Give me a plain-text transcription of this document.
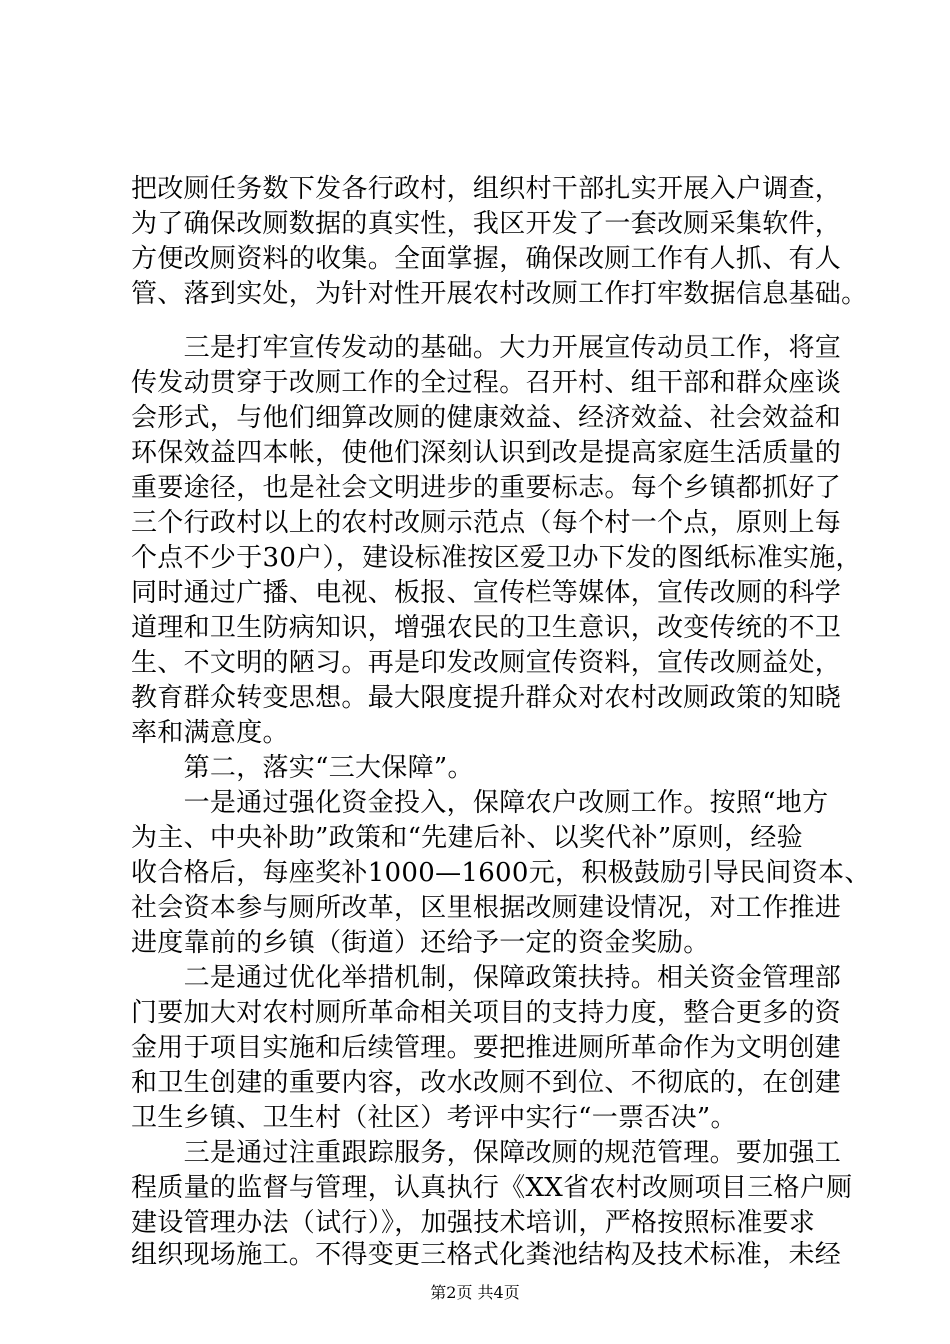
把改厕任务数下发各行政村，组织村干部扎实开展入户调查，
为了确保改厕数据的真实性，我区开发了一套改厕采集软件，
方便改厕资料的收集。全面掌握，确保改厕工作有人抓、有人
管、落到实处，为针对性开展农村改厕工作打牢数据信息基础。
　　三是打牢宣传发动的基础。大力开展宣传动员工作，将宣
传发动贯穿于改厕工作的全过程。召开村、组干部和群众座谈
会形式，与他们细算改厕的健康效益、经济效益、社会效益和
环保效益四本帐，使他们深刻认识到改是提高家庭生活质量的
重要途径，也是社会文明进步的重要标志。每个乡镇都抓好了
三个行政村以上的农村改厕示范点（每个村一个点，原则上每
个点不少于30户），建设标准按区爱卫办下发的图纸标准实施，
同时通过广播、电视、板报、宣传栏等媒体，宣传改厕的科学
道理和卫生防病知识，增强农民的卫生意识，改变传统的不卫
生、不文明的陋习。再是印发改厕宣传资料，宣传改厕益处，
教育群众转变思想。最大限度提升群众对农村改厕政策的知晓
率和满意度。
　　第二，落实“三大保障”。
　　一是通过强化资金投入，保障农户改厕工作。按照“地方
为主、中央补助”政策和“先建后补、以奖代补”原则，经验
收合格后，每座奖补1000—1600元，积极鼓励引导民间资本、
社会资本参与厕所改革，区里根据改厕建设情况，对工作推进
进度靠前的乡镇（街道）还给予一定的资金奖励。
　　二是通过优化举措机制，保障政策扶持。相关资金管理部
门要加大对农村厕所革命相关项目的支持力度，整合更多的资
金用于项目实施和后续管理。要把推进厕所革命作为文明创建
和卫生创建的重要内容，改水改厕不到位、不彻底的，在创建
卫生乡镇、卫生村（社区）考评中实行“一票否决”。
　　三是通过注重跟踪服务，保障改厕的规范管理。要加强工
程质量的监督与管理，认真执行《XX省农村改厕项目三格户厕
建设管理办法（试行）》，加强技术培训，严格按照标准要求
组织现场施工。不得变更三格式化粪池结构及技术标准，未经
第2页 共4页
